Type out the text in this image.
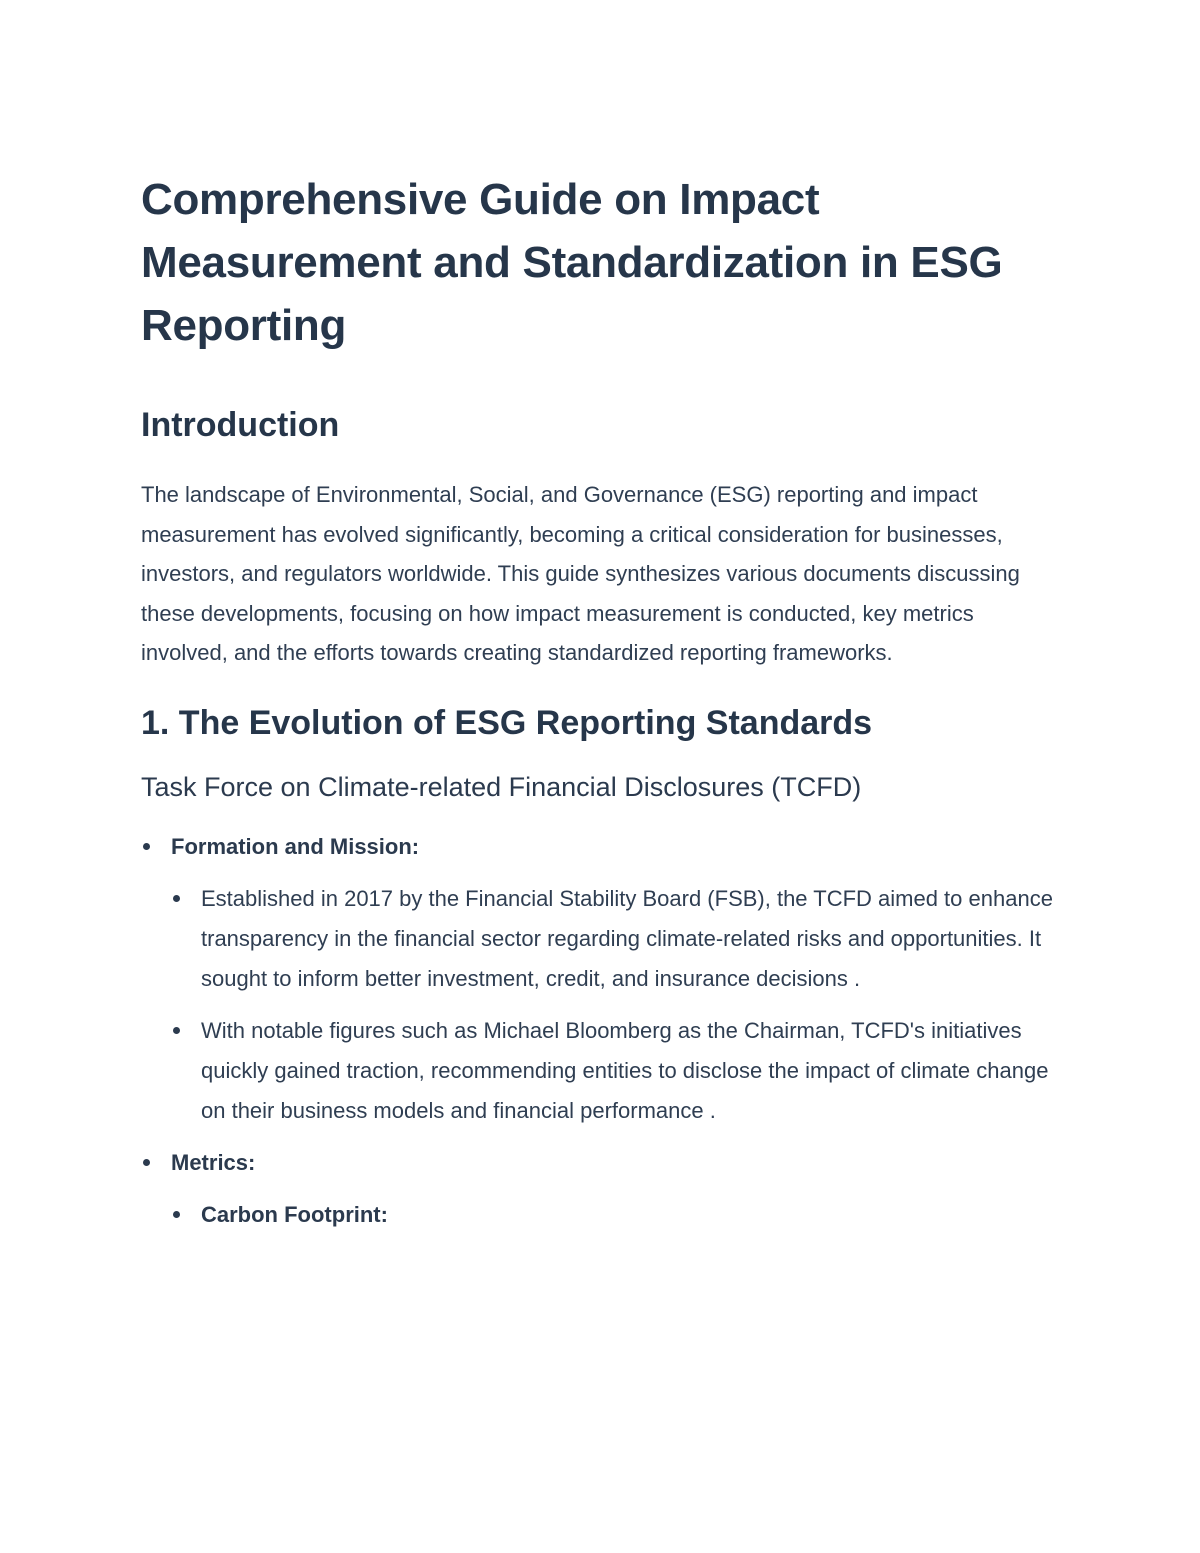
Comprehensive Guide on Impact Measurement and Standardization in ESG Reporting
Introduction

The landscape of Environmental, Social, and Governance (ESG) reporting and impact measurement has evolved significantly, becoming a critical consideration for businesses, investors, and regulators worldwide. This guide synthesizes various documents discussing these developments, focusing on how impact measurement is conducted, key metrics involved, and the efforts towards creating standardized reporting frameworks.

1. The Evolution of ESG Reporting Standards
Task Force on Climate-related Financial Disclosures (TCFD)
Formation and Mission:
Established in 2017 by the Financial Stability Board (FSB), the TCFD aimed to enhance transparency in the financial sector regarding climate-related risks and opportunities. It sought to inform better investment, credit, and insurance decisions .
With notable figures such as Michael Bloomberg as the Chairman, TCFD's initiatives quickly gained traction, recommending entities to disclose the impact of climate change on their business models and financial performance .
Metrics:
Carbon Footprint:
